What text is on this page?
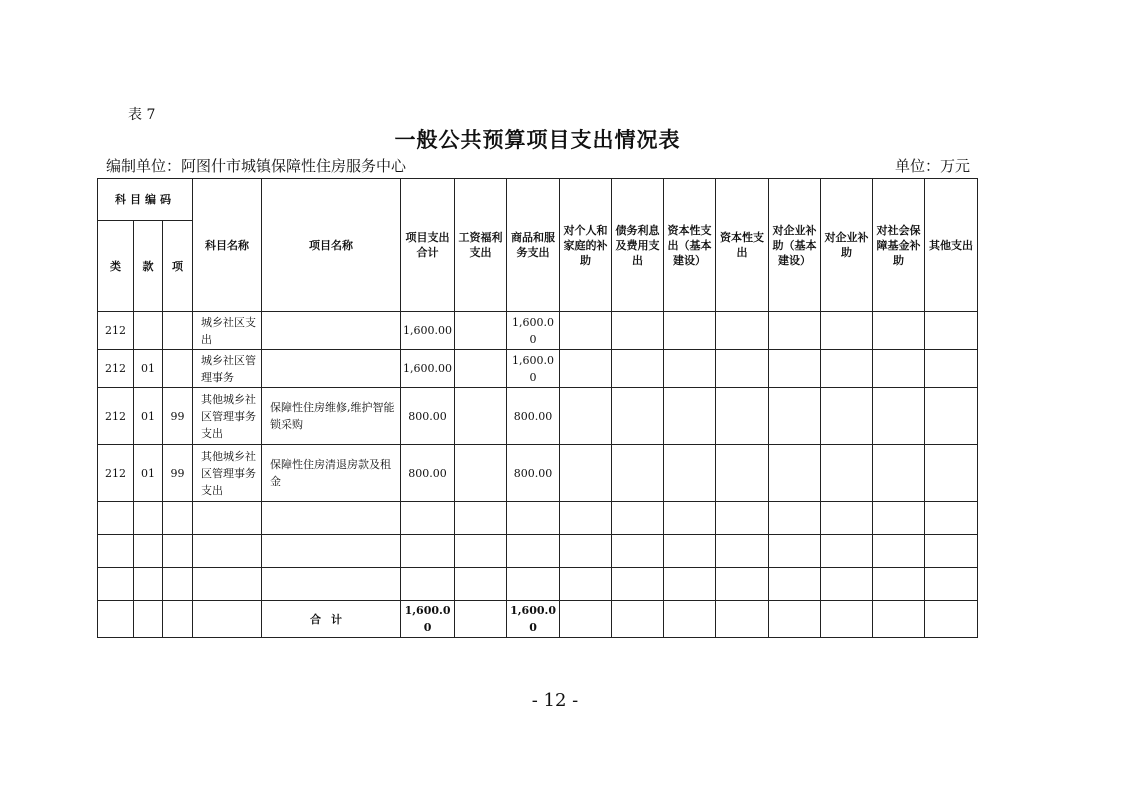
表 7
一般公共预算项目支出情况表
编制单位：阿图什市城镇保障性住房服务中心	单位：万元
科目编码			科目名称	项目名称	项目支出合计	工资福利支出	商品和服务支出	对个人和家庭的补助	债务利息及费用支出	资本性支出（基本建设）	资本性支出	对企业补助（基本建设）	对企业补助	对社会保障基金补助	其他支出
类	款	项													
212			城乡社区支出		1,600.00		1,600.00								
212	01		城乡社区管理事务		1,600.00		1,600.00								
212	01	99	其他城乡社区管理事务支出	保障性住房维修,维护智能锁采购	800.00		800.00								
212	01	99	其他城乡社区管理事务支出	保障性住房清退房款及租金	800.00		800.00								

				合计	1,600.00		1,600.00								
- 12 -
